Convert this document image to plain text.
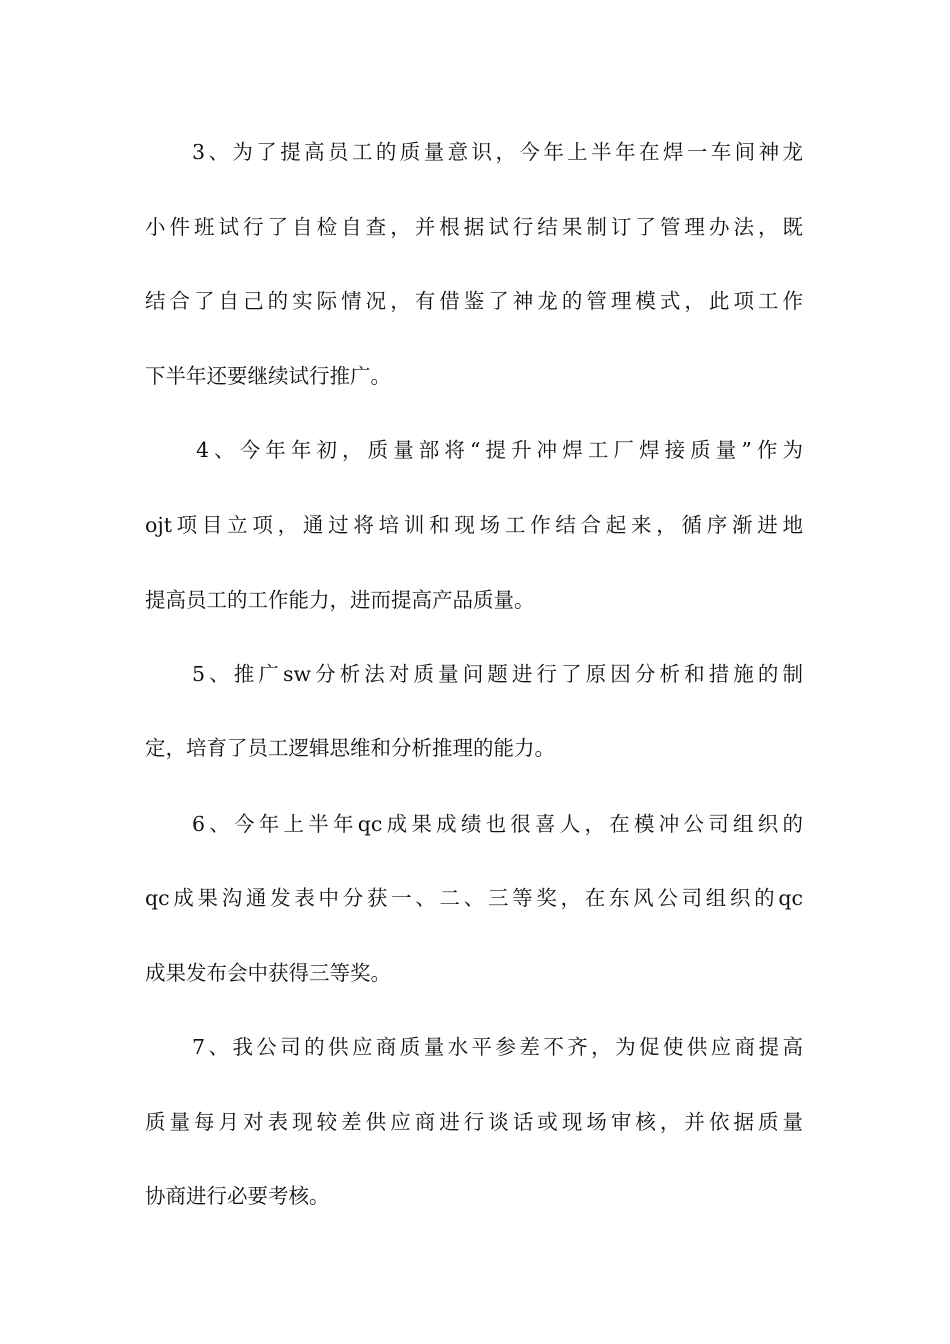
3、为了提高员工的质量意识，今年上半年在焊一车间神龙
小件班试行了自检自查，并根据试行结果制订了管理办法，既
结合了自己的实际情况，有借鉴了神龙的管理模式，此项工作
下半年还要继续试行推广。
4、今年年初，质量部将“提升冲焊工厂焊接质量”作为
ojt项目立项，通过将培训和现场工作结合起来，循序渐进地
提高员工的工作能力，进而提高产品质量。
5、推广sw分析法对质量问题进行了原因分析和措施的制
定，培育了员工逻辑思维和分析推理的能力。
6、今年上半年qc成果成绩也很喜人，在模冲公司组织的
qc成果沟通发表中分获一、二、三等奖，在东风公司组织的qc
成果发布会中获得三等奖。
7、我公司的供应商质量水平参差不齐，为促使供应商提高
质量每月对表现较差供应商进行谈话或现场审核，并依据质量
协商进行必要考核。
